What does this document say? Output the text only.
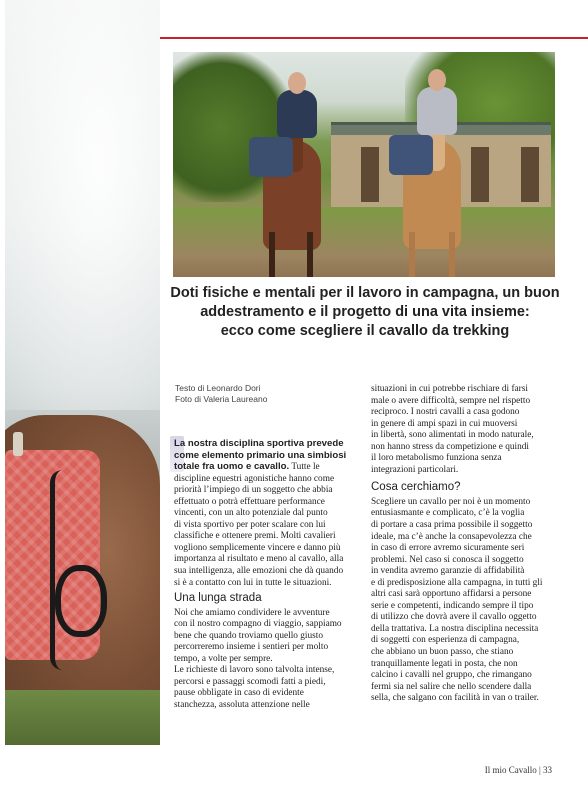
Doti fisiche e mentali per il lavoro in campagna, un buon
addestramento e il progetto di una vita insieme:
ecco come scegliere il cavallo da trekking
Testo di Leonardo Dori
Foto di Valeria Laureano
La nostra disciplina sportiva prevede
come elemento primario una simbiosi
totale fra uomo e cavallo. Tutte le
discipline equestri agonistiche hanno come
priorità l’impiego di un soggetto che abbia
effettuato o potrà effettuare performance
vincenti, con un alto potenziale dal punto
di vista sportivo per poter scalare con lui
classifiche e ottenere premi. Molti cavalieri
vogliono semplicemente vincere e danno più
importanza al risultato e meno al cavallo, alla
sua intelligenza, alle emozioni che dà quando
si è a contatto con lui in tutte le situazioni.
Una lunga strada
Noi che amiamo condividere le avventure
con il nostro compagno di viaggio, sappiamo
bene che quando troviamo quello giusto
percorreremo insieme i sentieri per molto
tempo, a volte per sempre.
Le richieste di lavoro sono talvolta intense,
percorsi e passaggi scomodi fatti a piedi,
pause obbligate in caso di evidente
stanchezza, assoluta attenzione nelle
situazioni in cui potrebbe rischiare di farsi
male o avere difficoltà, sempre nel rispetto
reciproco. I nostri cavalli a casa godono
in genere di ampi spazi in cui muoversi
in libertà, sono alimentati in modo naturale,
non hanno stress da competizione e quindi
il loro metabolismo funziona senza
integrazioni particolari.
Cosa cerchiamo?
Scegliere un cavallo per noi è un momento
entusiasmante e complicato, c’è la voglia
di portare a casa prima possibile il soggetto
ideale, ma c’è anche la consapevolezza che
in caso di errore avremo sicuramente seri
problemi. Nel caso si conosca il soggetto
in vendita avremo garanzie di affidabilità
e di predisposizione alla campagna, in tutti gli
altri casi sarà opportuno affidarsi a persone
serie e competenti, indicando sempre il tipo
di utilizzo che dovrà avere il cavallo oggetto
della trattativa. La nostra disciplina necessita
di soggetti con esperienza di campagna,
che abbiano un buon passo, che stiano
tranquillamente legati in posta, che non
calcino i cavalli nel gruppo, che rimangano
fermi sia nel salire che nello scendere dalla
sella, che salgano con facilità in van o trailer.
Il mio Cavallo | 33
